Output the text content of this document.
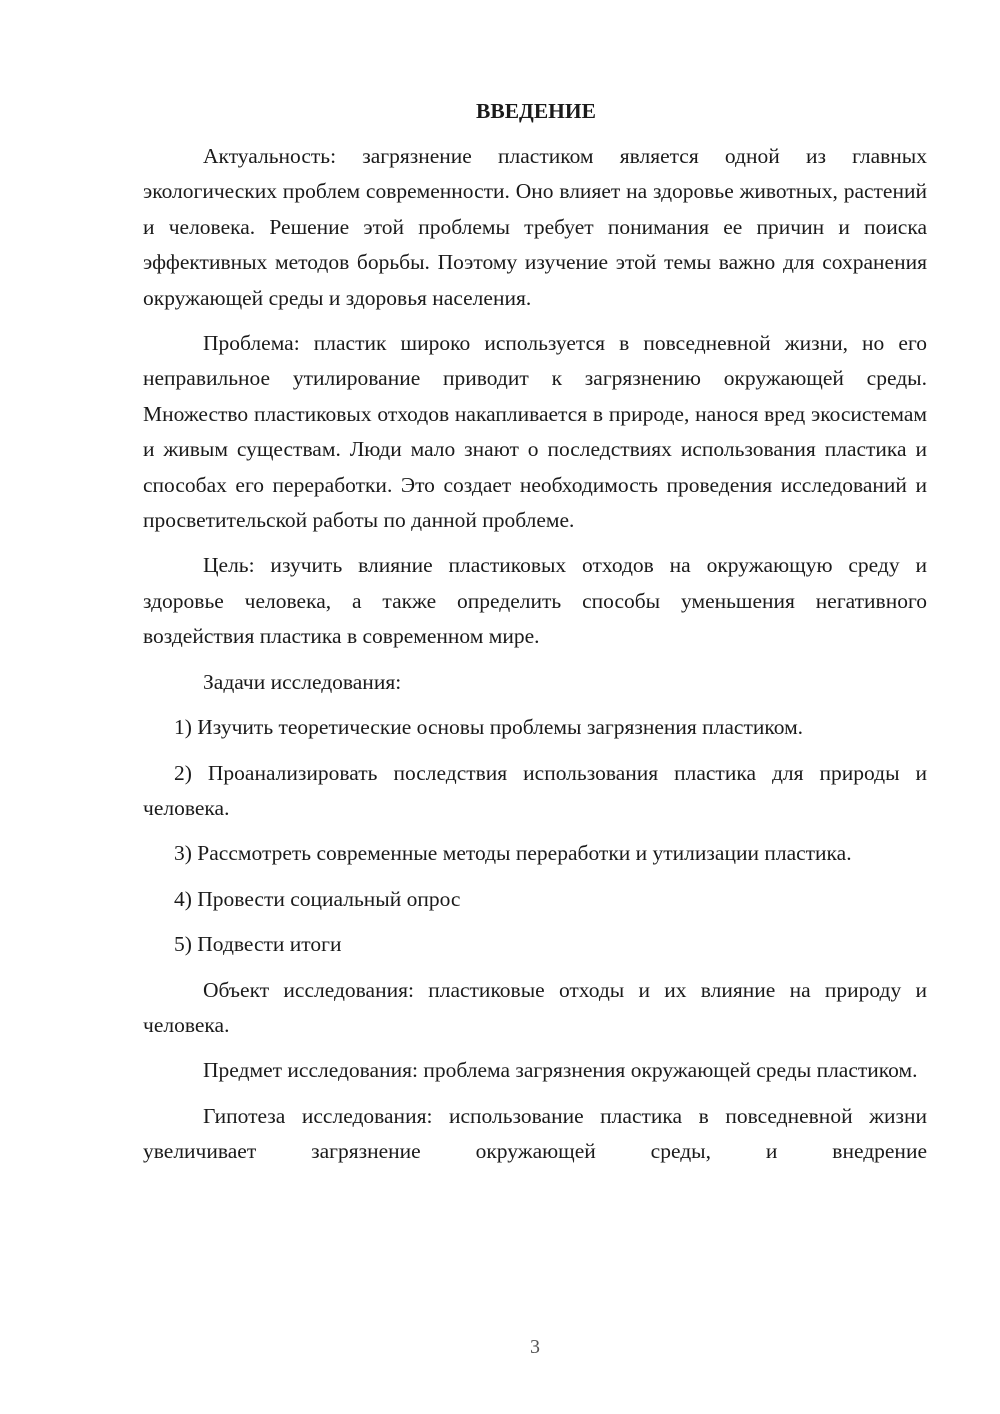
ВВЕДЕНИЕ

Актуальность: загрязнение пластиком является одной из главных экологических проблем современности. Оно влияет на здоровье животных, растений и человека. Решение этой проблемы требует понимания ее причин и поиска эффективных методов борьбы. Поэтому изучение этой темы важно для сохранения окружающей среды и здоровья населения.

Проблема: пластик широко используется в повседневной жизни, но его неправильное утилирование приводит к загрязнению окружающей среды. Множество пластиковых отходов накапливается в природе, нанося вред экосистемам и живым существам. Люди мало знают о последствиях использования пластика и способах его переработки. Это создает необходимость проведения исследований и просветительской работы по данной проблеме.

Цель: изучить влияние пластиковых отходов на окружающую среду и здоровье человека, а также определить способы уменьшения негативного воздействия пластика в современном мире.

Задачи исследования:

1) Изучить теоретические основы проблемы загрязнения пластиком.

2) Проанализировать последствия использования пластика для природы и человека.

3) Рассмотреть современные методы переработки и утилизации пластика.

4) Провести социальный опрос

5) Подвести итоги

Объект исследования: пластиковые отходы и их влияние на природу и человека.

Предмет исследования: проблема загрязнения окружающей среды пластиком.

Гипотеза исследования: использование пластика в повседневной жизни увеличивает загрязнение окружающей среды, и внедрение

3
